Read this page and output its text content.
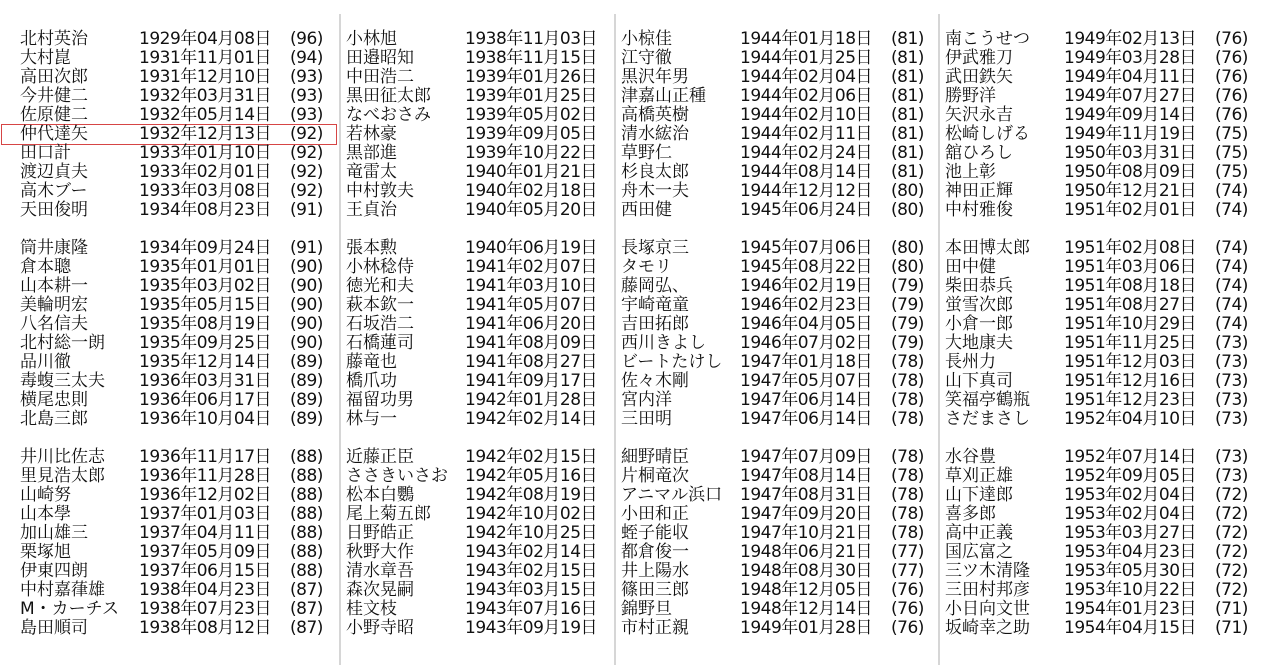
北村英治	1929年04月08日 (96)
大村崑	1931年11月01日 (94)
高田次郎	1931年12月10日 (93)
今井健二	1932年03月31日 (93)
佐原健二	1932年05月14日 (93)
仲代達矢	1932年12月13日 (92)
田口計	1933年01月10日 (92)
渡辺貞夫	1933年02月01日 (92)
高木ブー	1933年03月08日 (92)
天田俊明	1934年08月23日 (91)
筒井康隆	1934年09月24日 (91)
倉本聰	1935年01月01日 (90)
山本耕一	1935年03月02日 (90)
美輪明宏	1935年05月15日 (90)
八名信夫	1935年08月19日 (90)
北村総一朗 1935年09月25日 (90)
品川徹	1935年12月14日 (89)
毒蝮三太夫 1936年03月31日 (89)
横尾忠則	1936年06月17日 (89)
北島三郎	1936年10月04日 (89)
井川比佐志 1936年11月17日 (88)
里見浩太郎 1936年11月28日 (88)
山崎努	1936年12月02日 (88)
山本學	1937年01月03日 (88)
加山雄三	1937年04月11日 (88)
栗塚旭	1937年05月09日 (88)
伊東四朗	1937年06月15日 (88)
中村嘉葎雄 1938年04月23日 (87)
M・カーチス 1938年07月23日 (87)
島田順司	1938年08月12日 (87)
小林旭	1938年11月03日
田邉昭知	1938年11月15日
中田浩二	1939年01月26日
黒田征太郎 1939年01月25日
なべおさみ 1939年05月02日
若林豪	1939年09月05日
黒部進	1939年10月22日
竜雷太	1940年01月21日
中村敦夫	1940年02月18日
王貞治	1940年05月20日
張本勲	1940年06月19日
小林稔侍	1941年02月07日
徳光和夫	1941年03月10日
萩本欽一	1941年05月07日
石坂浩二	1941年06月20日
石橋蓮司	1941年08月09日
藤竜也	1941年08月27日
橋爪功	1941年09月17日
福留功男	1942年01月28日
林与一	1942年02月14日
近藤正臣	1942年02月15日
ささきいさお 1942年05月16日
松本白鸚	1942年08月19日
尾上菊五郎 1942年10月02日
日野皓正	1942年10月25日
秋野大作	1943年02月14日
清水章吾	1943年02月15日
森次晃嗣	1943年03月15日
桂文枝	1943年07月16日
小野寺昭	1943年09月19日
小椋佳	1944年01月18日 (81)
江守徹	1944年01月25日 (81)
黒沢年男	1944年02月04日 (81)
津嘉山正種 1944年02月06日 (81)
高橋英樹	1944年02月10日 (81)
清水綋治	1944年02月11日 (81)
草野仁	1944年02月24日 (81)
杉良太郎	1944年08月14日 (81)
舟木一夫	1944年12月12日 (80)
西田健	1945年06月24日 (80)
長塚京三	1945年07月06日 (80)
タモリ	1945年08月22日 (80)
藤岡弘、	1946年02月19日 (79)
宇崎竜童	1946年02月23日 (79)
吉田拓郎	1946年04月05日 (79)
西川きよし 1946年07月02日 (79)
ビートたけし 1947年01月18日 (78)
佐々木剛	1947年05月07日 (78)
宮内洋	1947年06月14日 (78)
三田明	1947年06月14日 (78)
細野晴臣	1947年07月09日 (78)
片桐竜次	1947年08月14日 (78)
アニマル浜口 1947年08月31日 (78)
小田和正	1947年09月20日 (78)
蛭子能収	1947年10月21日 (78)
都倉俊一	1948年06月21日 (77)
井上陽水	1948年08月30日 (77)
篠田三郎	1948年12月05日 (76)
錦野旦	1948年12月14日 (76)
市村正親	1949年01月28日 (76)
南こうせつ 1949年02月13日 (76)
伊武雅刀	1949年03月28日 (76)
武田鉄矢	1949年04月11日 (76)
勝野洋	1949年07月27日 (76)
矢沢永吉	1949年09月14日 (76)
松崎しげる 1949年11月19日 (75)
舘ひろし	1950年03月31日 (75)
池上彰	1950年08月09日 (75)
神田正輝	1950年12月21日 (74)
中村雅俊	1951年02月01日 (74)
本田博太郎 1951年02月08日 (74)
田中健	1951年03月06日 (74)
柴田恭兵	1951年08月18日 (74)
蛍雪次郎	1951年08月27日 (74)
小倉一郎	1951年10月29日 (74)
大地康夫	1951年11月25日 (73)
長州力	1951年12月03日 (73)
山下真司	1951年12月16日 (73)
笑福亭鶴瓶 1951年12月23日 (73)
さだまさし 1952年04月10日 (73)
水谷豊	1952年07月14日 (73)
草刈正雄	1952年09月05日 (73)
山下達郎	1953年02月04日 (72)
喜多郎	1953年02月04日 (72)
高中正義	1953年03月27日 (72)
国広富之	1953年04月23日 (72)
三ツ木清隆 1953年05月30日 (72)
三田村邦彦 1953年10月22日 (72)
小日向文世 1954年01月23日 (71)
坂崎幸之助 1954年04月15日 (71)
